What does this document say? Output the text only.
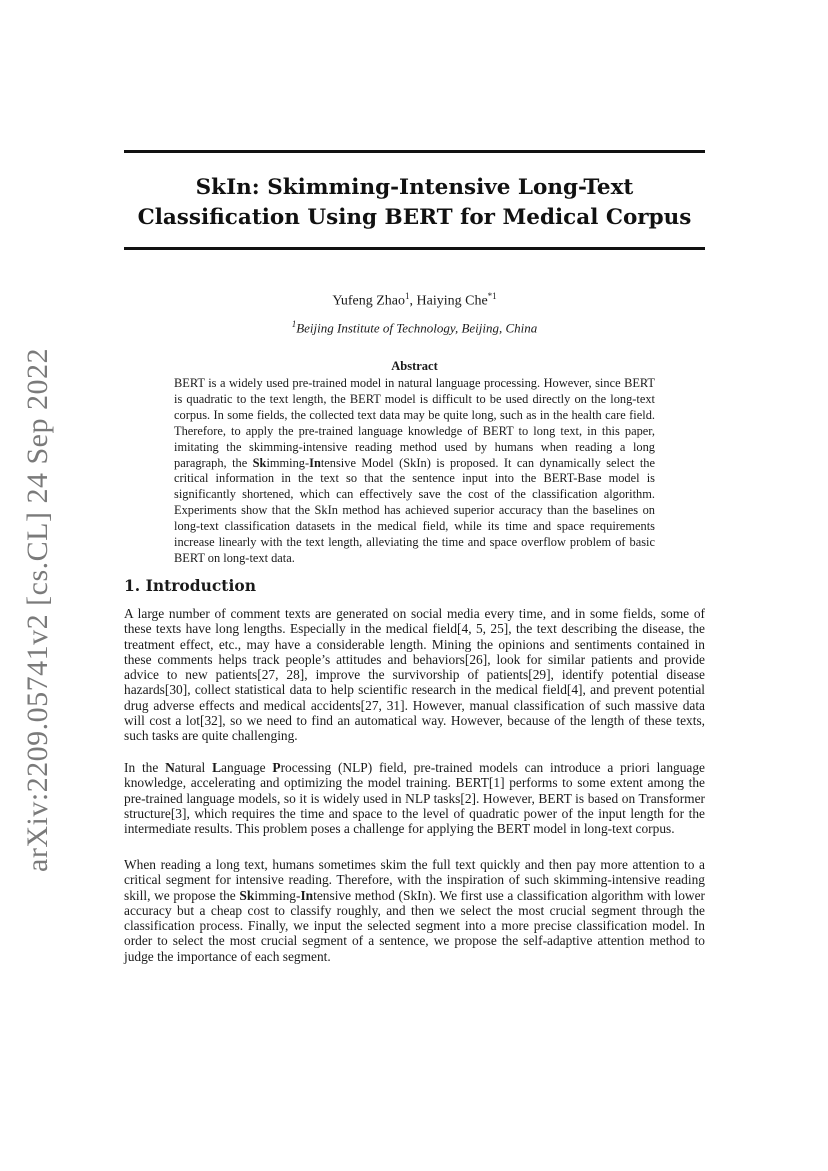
arXiv:2209.05741v2 [cs.CL] 24 Sep 2022
SkIn: Skimming-Intensive Long-Text
Classification Using BERT for Medical Corpus
Yufeng Zhao$^1$, Haiying Che$^{*1}$
$^1$Beijing Institute of Technology, Beijing, China
Abstract
BERT is a widely used pre-trained model in natural language processing. However, since BERT is quadratic to the text length, the BERT model is difficult to be used directly on the long-text corpus. In some fields, the collected text data may be quite long, such as in the health care field. Therefore, to apply the pre-trained language knowledge of BERT to long text, in this paper, imitating the skimming-intensive reading method used by humans when reading a long paragraph, the Skimming-Intensive Model (SkIn) is proposed. It can dynamically select the critical information in the text so that the sentence input into the BERT-Base model is significantly shortened, which can effectively save the cost of the classification algorithm. Experiments show that the SkIn method has achieved superior accuracy than the baselines on long-text classification datasets in the medical field, while its time and space requirements increase linearly with the text length, alleviating the time and space overflow problem of basic BERT on long-text data.
1. Introduction

A large number of comment texts are generated on social media every time, and in some fields, some of these texts have long lengths. Especially in the medical field[4, 5, 25], the text describing the disease, the treatment effect, etc., may have a considerable length. Mining the opinions and sentiments contained in these comments helps track people’s attitudes and behaviors[26], look for similar patients and provide advice to new patients[27, 28], improve the survivorship of patients[29], identify potential disease hazards[30], collect statistical data to help scientific research in the medical field[4], and prevent potential drug adverse effects and medical accidents[27, 31]. However, manual classification of such massive data will cost a lot[32], so we need to find an automatical way. However, because of the length of these texts, such tasks are quite challenging.

In the Natural Language Processing (NLP) field, pre-trained models can introduce a priori language knowledge, accelerating and optimizing the model training. BERT[1] performs to some extent among the pre-trained language models, so it is widely used in NLP tasks[2]. However, BERT is based on Transformer structure[3], which requires the time and space to the level of quadratic power of the input length for the intermediate results. This problem poses a challenge for applying the BERT model in long-text corpus.

When reading a long text, humans sometimes skim the full text quickly and then pay more attention to a critical segment for intensive reading. Therefore, with the inspiration of such skimming-intensive reading skill, we propose the Skimming-Intensive method (SkIn). We first use a classification algorithm with lower accuracy but a cheap cost to classify roughly, and then we select the most crucial segment through the classification process. Finally, we input the selected segment into a more precise classification model. In order to select the most crucial segment of a sentence, we propose the self-adaptive attention method to judge the importance of each segment.
